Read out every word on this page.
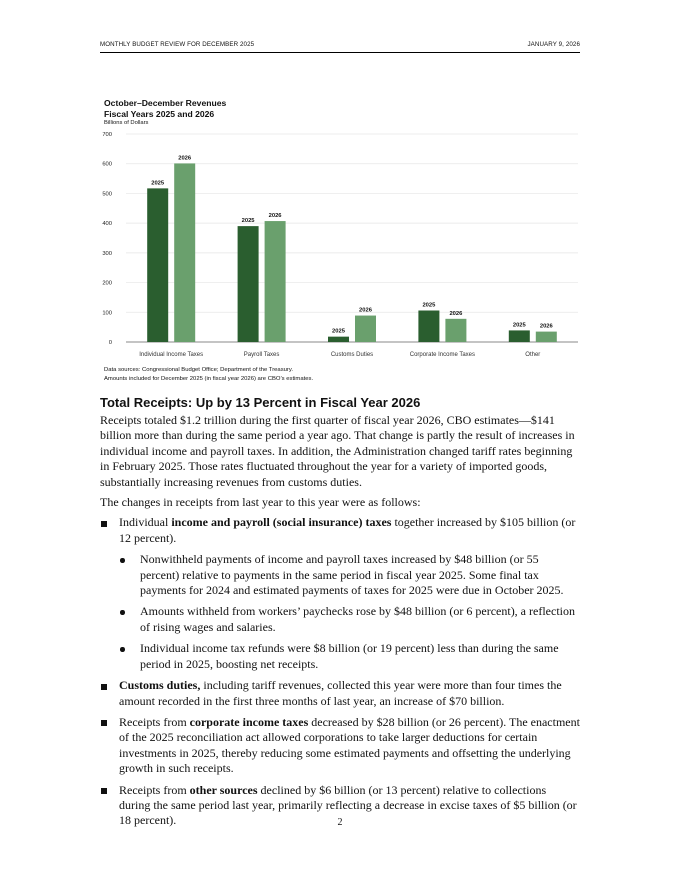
MONTHLY BUDGET REVIEW FOR DECEMBER 2025	JANUARY 9, 2026
October–December Revenues
Fiscal Years 2025 and 2026
Billions of Dollars
0
100
200
300
400
500
600
700
Individual Income Taxes
2025
2026
Payroll Taxes
2025
2026
Customs Duties
2025
2026
Corporate Income Taxes
2025
2026
Other
2025 2026
Data sources: Congressional Budget Office; Department of the Treasury.
Amounts included for December 2025 (in fiscal year 2026) are CBO’s estimates.
Total Receipts: Up by 13 Percent in Fiscal Year 2026

Receipts totaled $1.2 trillion during the first quarter of fiscal year 2026, CBO estimates—$141 billion more than during the same period a year ago. That change is partly the result of increases in individual income and payroll taxes. In addition, the Administration changed tariff rates beginning in February 2025. Those rates fluctuated throughout the year for a variety of imported goods, substantially increasing revenues from customs duties.

The changes in receipts from last year to this year were as follows:

Individual income and payroll (social insurance) taxes together increased by $105 billion (or 12 percent).
Nonwithheld payments of income and payroll taxes increased by $48 billion (or 55 percent) relative to payments in the same period in fiscal year 2025. Some final tax payments for 2024 and estimated payments of taxes for 2025 were due in October 2025.
Amounts withheld from workers’ paychecks rose by $48 billion (or 6 percent), a reflection of rising wages and salaries.
Individual income tax refunds were $8 billion (or 19 percent) less than during the same period in 2025, boosting net receipts.
Customs duties, including tariff revenues, collected this year were more than four times the amount recorded in the first three months of last year, an increase of $70 billion.
Receipts from corporate income taxes decreased by $28 billion (or 26 percent). The enactment of the 2025 reconciliation act allowed corporations to take larger deductions for certain investments in 2025, thereby reducing some estimated payments and offsetting the underlying growth in such receipts.
Receipts from other sources declined by $6 billion (or 13 percent) relative to collections during the same period last year, primarily reflecting a decrease in excise taxes of $5 billion (or 18 percent).	2
